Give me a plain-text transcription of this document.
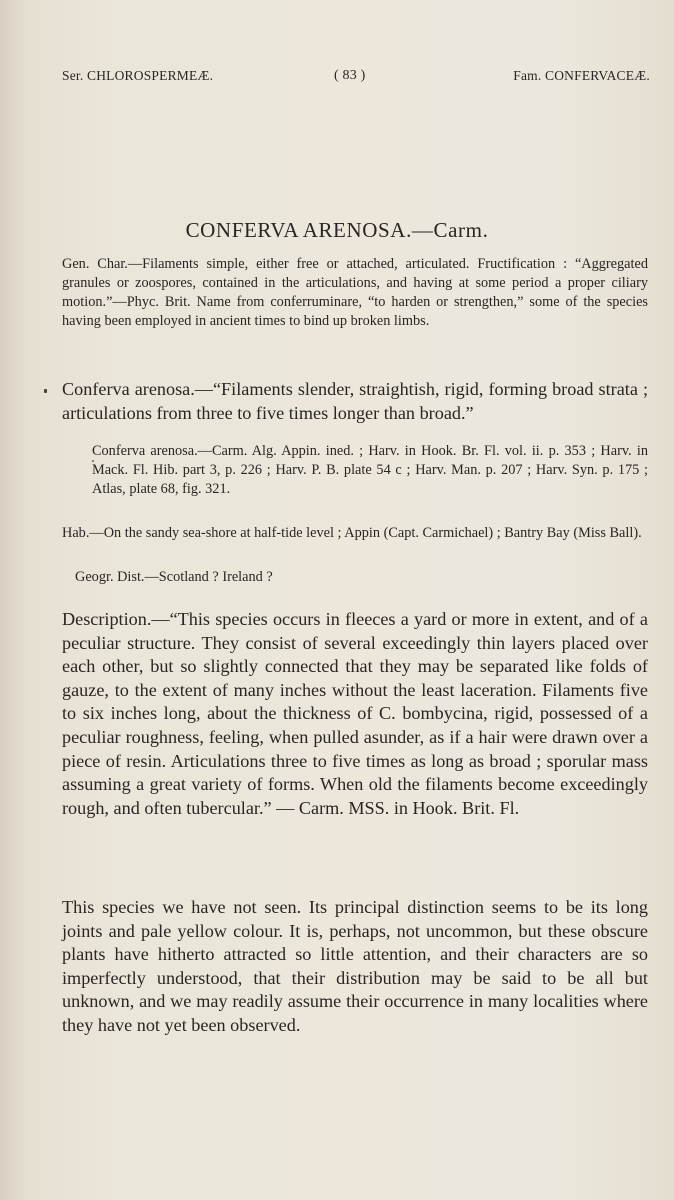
Ser. CHLOROSPERMEÆ.	( 83 )	Fam. CONFERVACEÆ.
CONFERVA ARENOSA.—Carm.

Gen. Char.—Filaments simple, either free or attached, articulated. Fructification : “Aggregated granules or zoospores, contained in the articulations, and having at some period a proper ciliary motion.”—Phyc. Brit. Name from conferruminare, “to harden or strengthen,” some of the species having been employed in ancient times to bind up broken limbs.

Conferva arenosa.—“Filaments slender, straightish, rigid, forming broad strata ; articulations from three to five times longer than broad.”

Conferva arenosa.—Carm. Alg. Appin. ined. ; Harv. in Hook. Br. Fl. vol. ii. p. 353 ; Harv. in Mack. Fl. Hib. part 3, p. 226 ; Harv. P. B. plate 54 c ; Harv. Man. p. 207 ; Harv. Syn. p. 175 ; Atlas, plate 68, fig. 321.

Hab.—On the sandy sea-shore at half-tide level ; Appin (Capt. Carmichael) ; Bantry Bay (Miss Ball).

Geogr. Dist.—Scotland ? Ireland ?

Description.—“This species occurs in fleeces a yard or more in extent, and of a peculiar structure. They consist of several exceedingly thin layers placed over each other, but so slightly connected that they may be separated like folds of gauze, to the extent of many inches without the least laceration. Filaments five to six inches long, about the thickness of C. bombycina, rigid, possessed of a peculiar roughness, feeling, when pulled asunder, as if a hair were drawn over a piece of resin. Articulations three to five times as long as broad ; sporular mass assuming a great variety of forms. When old the filaments become exceedingly rough, and often tubercular.” — Carm. MSS. in Hook. Brit. Fl.

This species we have not seen. Its principal distinction seems to be its long joints and pale yellow colour. It is, perhaps, not uncommon, but these obscure plants have hitherto attracted so little attention, and their characters are so imperfectly understood, that their distribution may be said to be all but unknown, and we may readily assume their occurrence in many localities where they have not yet been observed.
